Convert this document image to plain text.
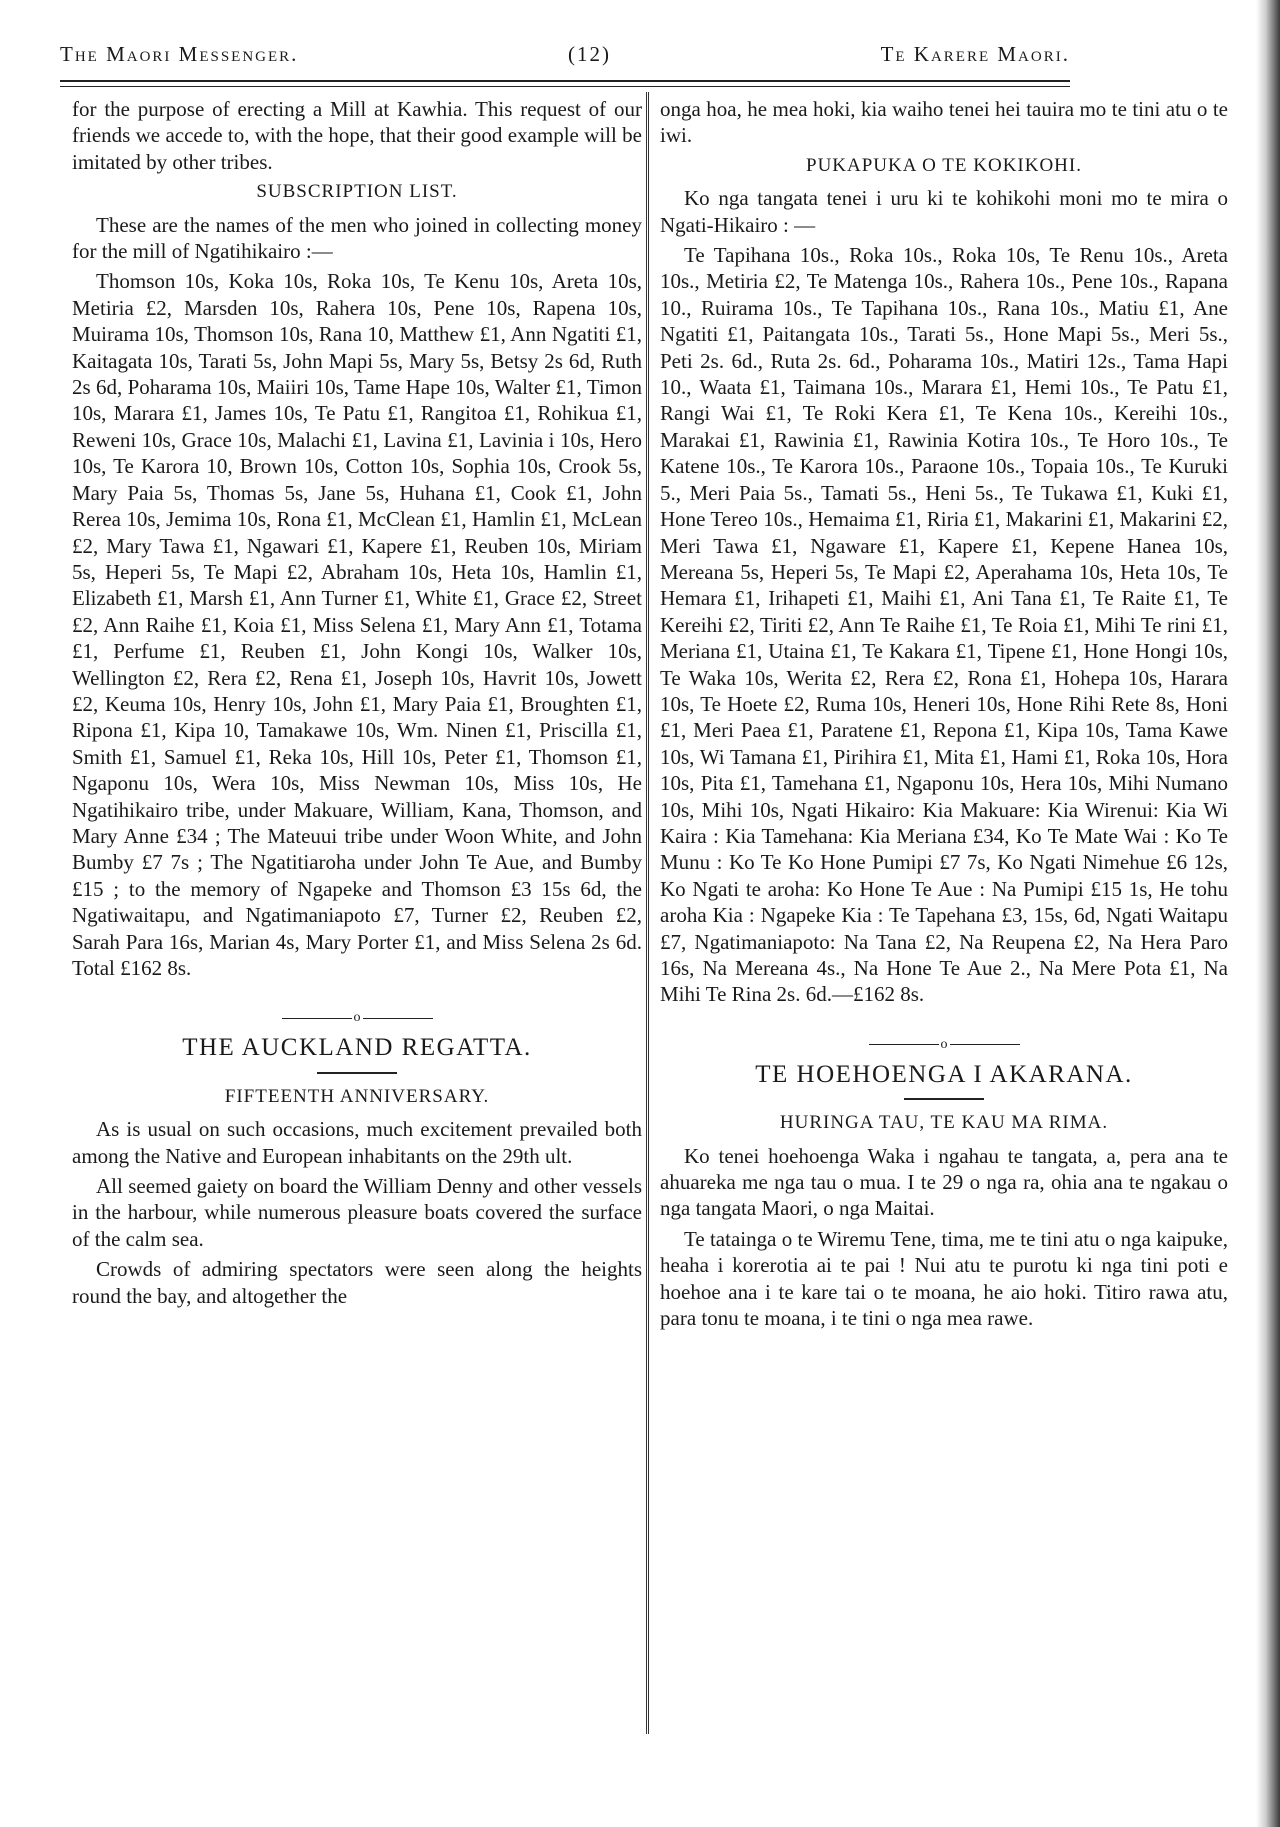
The Maori Messenger.	(12)	Te Karere Maori.

for the purpose of erecting a Mill at Kawhia. This request of our friends we accede to, with the hope, that their good example will be imitated by other tribes.

SUBSCRIPTION LIST.

These are the names of the men who joined in collecting money for the mill of Ngatihikairo :—

Thomson 10s, Koka 10s, Roka 10s, Te Kenu 10s, Areta 10s, Metiria £2, Marsden 10s, Rahera 10s, Pene 10s, Rapena 10s, Muirama 10s, Thomson 10s, Rana 10, Matthew £1, Ann Ngatiti £1, Kaitagata 10s, Tarati 5s, John Mapi 5s, Mary 5s, Betsy 2s 6d, Ruth 2s 6d, Poharama 10s, Maiiri 10s, Tame Hape 10s, Walter £1, Timon 10s, Marara £1, James 10s, Te Patu £1, Rangitoa £1, Rohikua £1, Reweni 10s, Grace 10s, Malachi £1, Lavina £1, Lavinia i 10s, Hero 10s, Te Karora 10, Brown 10s, Cotton 10s, Sophia 10s, Crook 5s, Mary Paia 5s, Thomas 5s, Jane 5s, Huhana £1, Cook £1, John Rerea 10s, Jemima 10s, Rona £1, McClean £1, Hamlin £1, McLean £2, Mary Tawa £1, Ngawari £1, Kapere £1, Reuben 10s, Miriam 5s, Heperi 5s, Te Mapi £2, Abraham 10s, Heta 10s, Hamlin £1, Elizabeth £1, Marsh £1, Ann Turner £1, White £1, Grace £2, Street £2, Ann Raihe £1, Koia £1, Miss Selena £1, Mary Ann £1, Totama £1, Perfume £1, Reuben £1, John Kongi 10s, Walker 10s, Wellington £2, Rera £2, Rena £1, Joseph 10s, Havrit 10s, Jowett £2, Keuma 10s, Henry 10s, John £1, Mary Paia £1, Broughten £1, Ripona £1, Kipa 10, Tamakawe 10s, Wm. Ninen £1, Priscilla £1, Smith £1, Samuel £1, Reka 10s, Hill 10s, Peter £1, Thomson £1, Ngaponu 10s, Wera 10s, Miss Newman 10s, Miss 10s, He Ngatihikairo tribe, under Makuare, William, Kana, Thomson, and Mary Anne £34 ; The Mateuui tribe under Woon White, and John Bumby £7 7s ; The Ngatitiaroha under John Te Aue, and Bumby £15 ; to the memory of Ngapeke and Thomson £3 15s 6d, the Ngatiwaitapu, and Ngatimaniapoto £7, Turner £2, Reuben £2, Sarah Para 16s, Marian 4s, Mary Porter £1, and Miss Selena 2s 6d. Total £162 8s.

o
THE AUCKLAND REGATTA.
FIFTEENTH ANNIVERSARY.

As is usual on such occasions, much excitement prevailed both among the Native and European inhabitants on the 29th ult.

All seemed gaiety on board the William Denny and other vessels in the harbour, while numerous pleasure boats covered the surface of the calm sea.

Crowds of admiring spectators were seen along the heights round the bay, and altogether the

onga hoa, he mea hoki, kia waiho tenei hei tauira mo te tini atu o te iwi.

PUKAPUKA O TE KOKIKOHI.

Ko nga tangata tenei i uru ki te kohikohi moni mo te mira o Ngati-Hikairo : —

Te Tapihana 10s., Roka 10s., Roka 10s, Te Renu 10s., Areta 10s., Metiria £2, Te Matenga 10s., Rahera 10s., Pene 10s., Rapana 10., Ruirama 10s., Te Tapihana 10s., Rana 10s., Matiu £1, Ane Ngatiti £1, Paitangata 10s., Tarati 5s., Hone Mapi 5s., Meri 5s., Peti 2s. 6d., Ruta 2s. 6d., Poharama 10s., Matiri 12s., Tama Hapi 10., Waata £1, Taimana 10s., Marara £1, Hemi 10s., Te Patu £1, Rangi Wai £1, Te Roki Kera £1, Te Kena 10s., Kereihi 10s., Marakai £1, Rawinia £1, Rawinia Kotira 10s., Te Horo 10s., Te Katene 10s., Te Karora 10s., Paraone 10s., Topaia 10s., Te Kuruki 5., Meri Paia 5s., Tamati 5s., Heni 5s., Te Tukawa £1, Kuki £1, Hone Tereo 10s., Hemaima £1, Riria £1, Makarini £1, Makarini £2, Meri Tawa £1, Ngaware £1, Kapere £1, Kepene Hanea 10s, Mereana 5s, Heperi 5s, Te Mapi £2, Aperahama 10s, Heta 10s, Te Hemara £1, Irihapeti £1, Maihi £1, Ani Tana £1, Te Raite £1, Te Kereihi £2, Tiriti £2, Ann Te Raihe £1, Te Roia £1, Mihi Te rini £1, Meriana £1, Utaina £1, Te Kakara £1, Tipene £1, Hone Hongi 10s, Te Waka 10s, Werita £2, Rera £2, Rona £1, Hohepa 10s, Harara 10s, Te Hoete £2, Ruma 10s, Heneri 10s, Hone Rihi Rete 8s, Honi £1, Meri Paea £1, Paratene £1, Repona £1, Kipa 10s, Tama Kawe 10s, Wi Tamana £1, Pirihira £1, Mita £1, Hami £1, Roka 10s, Hora 10s, Pita £1, Tamehana £1, Ngaponu 10s, Hera 10s, Mihi Numano 10s, Mihi 10s, Ngati Hikairo: Kia Makuare: Kia Wirenui: Kia Wi Kaira : Kia Tamehana: Kia Meriana £34, Ko Te Mate Wai : Ko Te Munu : Ko Te Ko Hone Pumipi £7 7s, Ko Ngati Nimehue £6 12s, Ko Ngati te aroha: Ko Hone Te Aue : Na Pumipi £15 1s, He tohu aroha Kia : Ngapeke Kia : Te Tapehana £3, 15s, 6d, Ngati Waitapu £7, Ngatimaniapoto: Na Tana £2, Na Reupena £2, Na Hera Paro 16s, Na Mereana 4s., Na Hone Te Aue 2., Na Mere Pota £1, Na Mihi Te Rina 2s. 6d.—£162 8s.

o
TE HOEHOENGA I AKARANA.
HURINGA TAU, TE KAU MA RIMA.

Ko tenei hoehoenga Waka i ngahau te tangata, a, pera ana te ahuareka me nga tau o mua. I te 29 o nga ra, ohia ana te ngakau o nga tangata Maori, o nga Maitai.

Te tatainga o te Wiremu Tene, tima, me te tini atu o nga kaipuke, heaha i korerotia ai te pai ! Nui atu te purotu ki nga tini poti e hoehoe ana i te kare tai o te moana, he aio hoki. Titiro rawa atu, para tonu te moana, i te tini o nga mea rawe.
